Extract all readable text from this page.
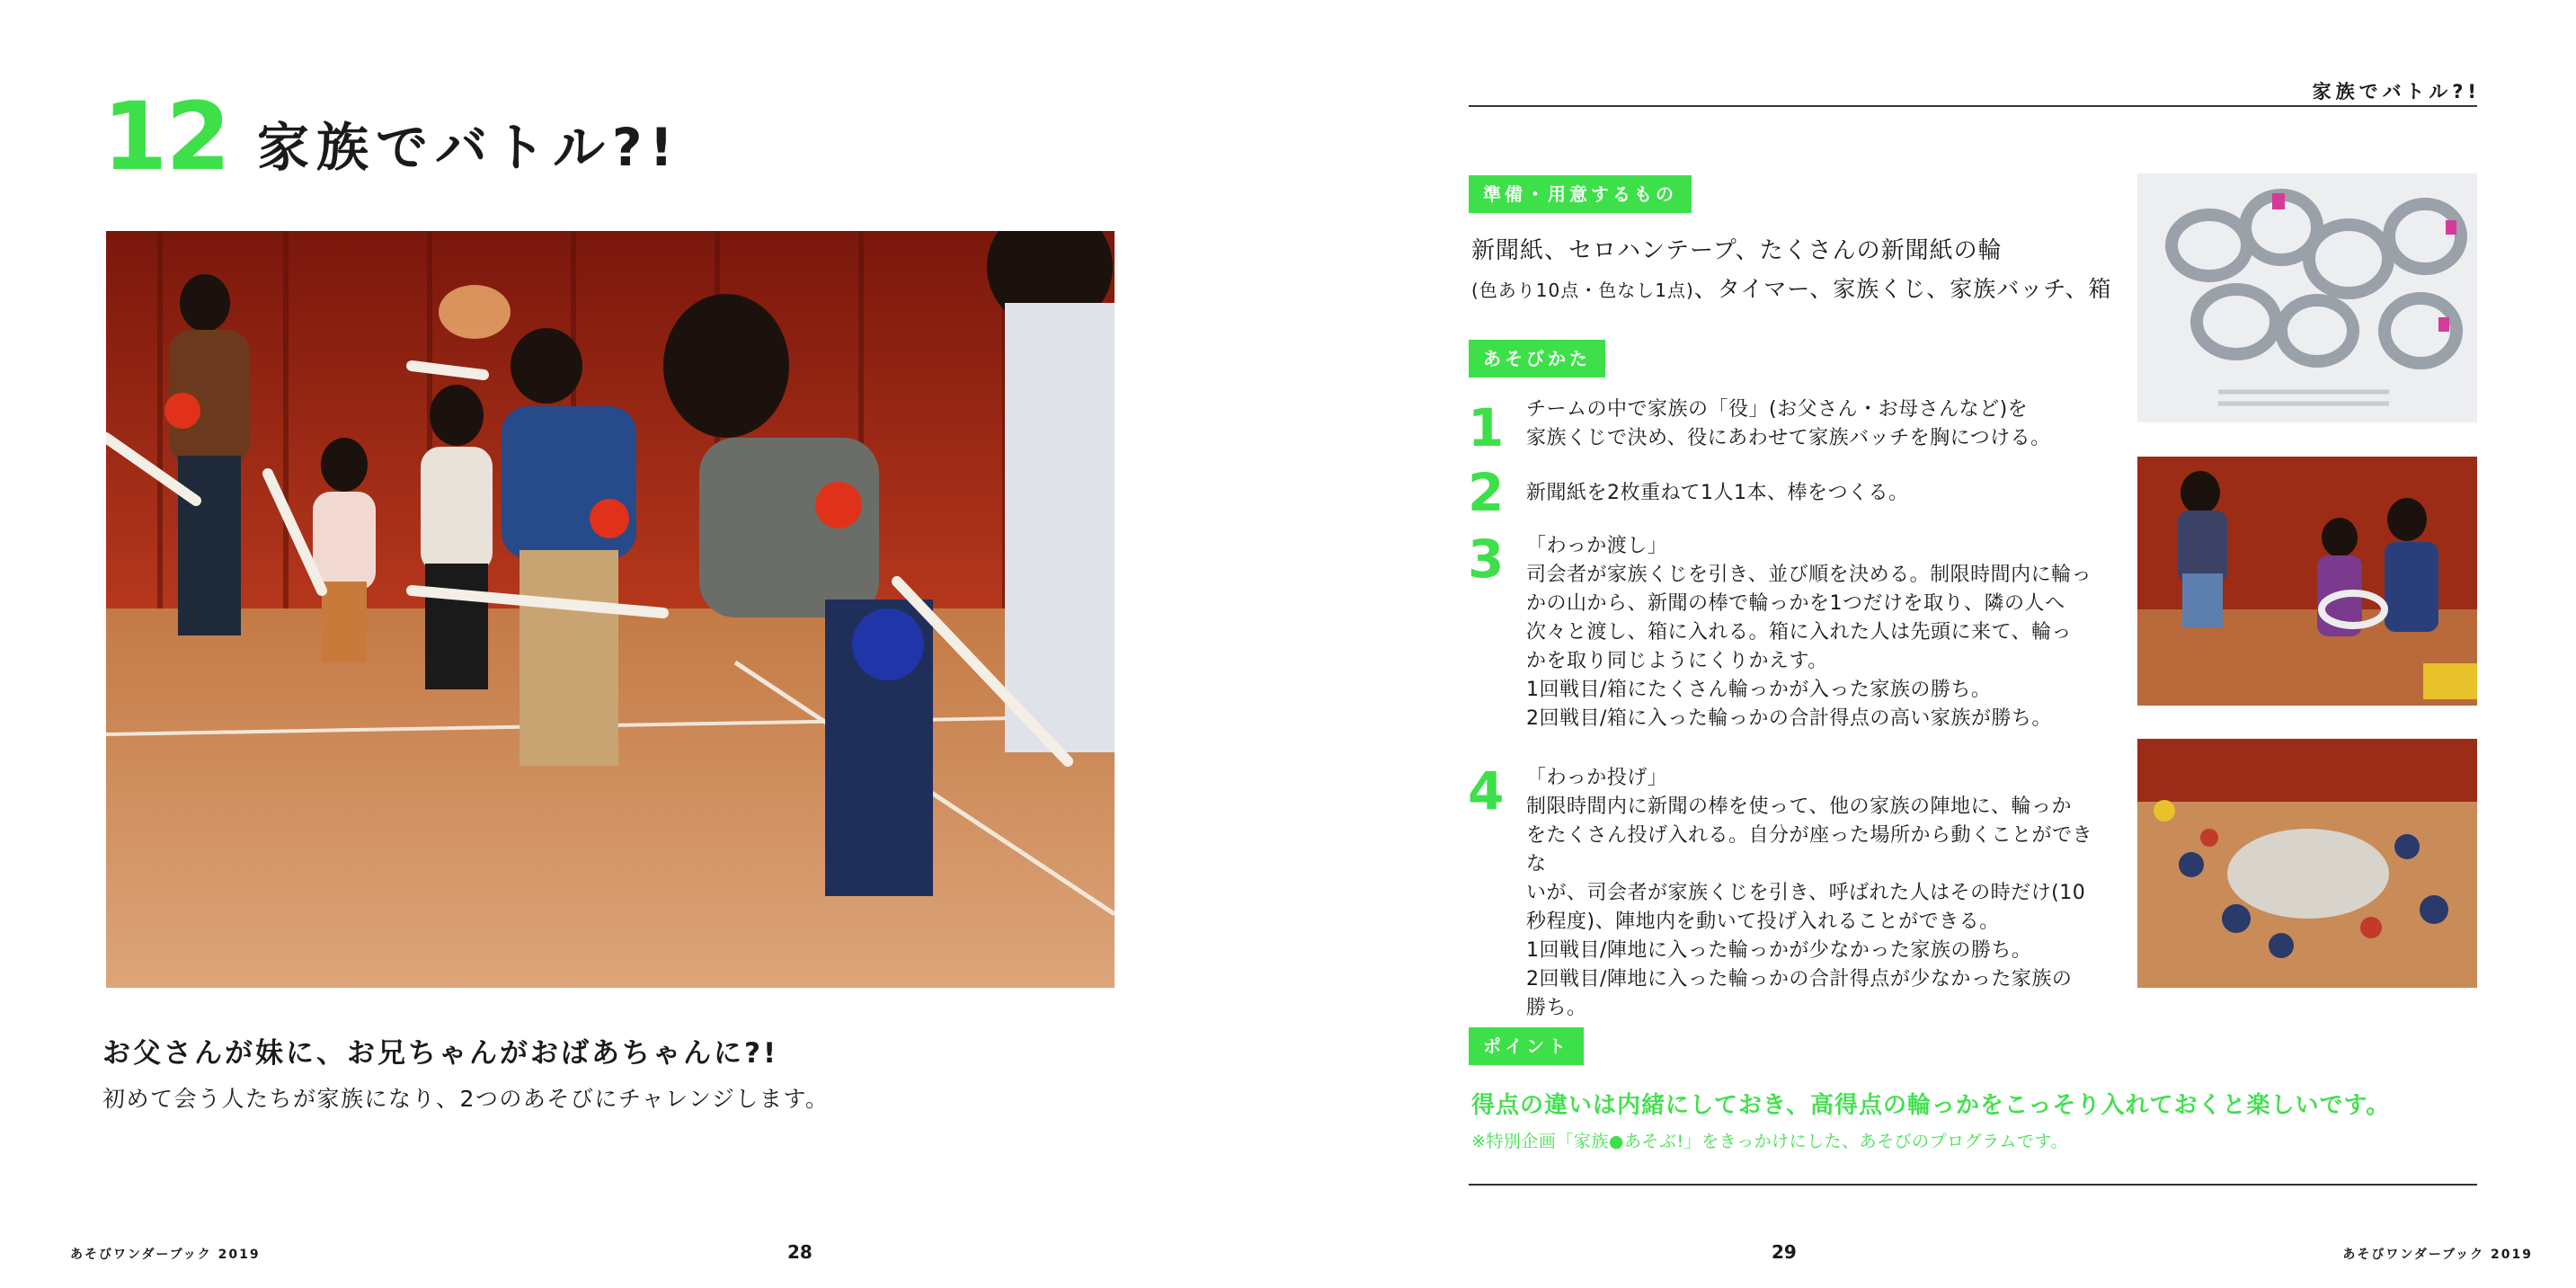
12 家族でバトル?!
お父さんが妹に、お兄ちゃんがおばあちゃんに?!
初めて会う人たちが家族になり、2つのあそびにチャレンジします。
家族でバトル?!
準備・用意するもの
新聞紙、セロハンテープ、たくさんの新聞紙の輪
(色あり10点・色なし1点)、タイマー、家族くじ、家族バッチ、箱
あそびかた
1 チームの中で家族の「役」(お父さん・お母さんなど)を
家族くじで決め、役にあわせて家族バッチを胸につける。
2 新聞紙を2枚重ねて1人1本、棒をつくる。
3 「わっか渡し」
司会者が家族くじを引き、並び順を決める。制限時間内に輪っ
かの山から、新聞の棒で輪っかを1つだけを取り、隣の人へ
次々と渡し、箱に入れる。箱に入れた人は先頭に来て、輪っ
かを取り同じようにくりかえす。
1回戦目/箱にたくさん輪っかが入った家族の勝ち。
2回戦目/箱に入った輪っかの合計得点の高い家族が勝ち。
4 「わっか投げ」
制限時間内に新聞の棒を使って、他の家族の陣地に、輪っか
をたくさん投げ入れる。自分が座った場所から動くことができな
いが、司会者が家族くじを引き、呼ばれた人はその時だけ(10
秒程度)、陣地内を動いて投げ入れることができる。
1回戦目/陣地に入った輪っかが少なかった家族の勝ち。
2回戦目/陣地に入った輪っかの合計得点が少なかった家族の
勝ち。
ポイント
得点の違いは内緒にしておき、高得点の輪っかをこっそり入れておくと楽しいです。
※特別企画「家族●あそぶ!」をきっかけにした、あそびのプログラムです。
あそびワンダーブック 2019	28	29	あそびワンダーブック 2019
